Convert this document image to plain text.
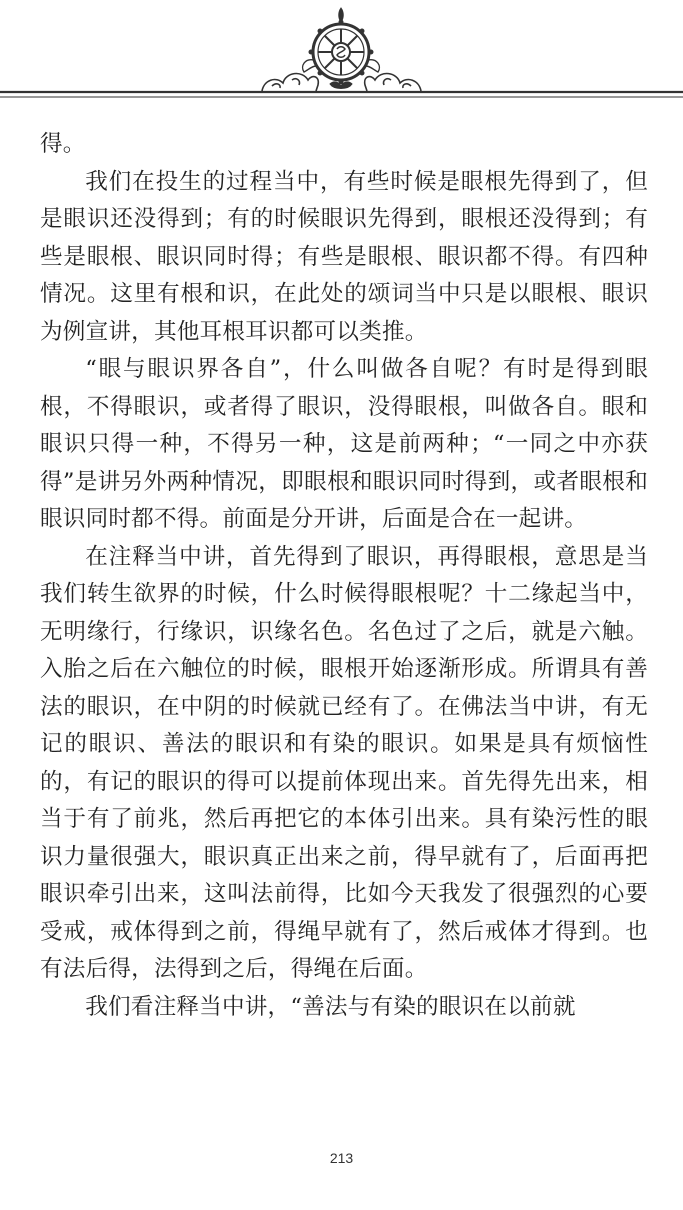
得。

我们在投生的过程当中，有些时候是眼根先得到了，但是眼识还没得到；有的时候眼识先得到，眼根还没得到；有些是眼根、眼识同时得；有些是眼根、眼识都不得。有四种情况。这里有根和识，在此处的颂词当中只是以眼根、眼识为例宣讲，其他耳根耳识都可以类推。

“眼与眼识界各自”，什么叫做各自呢？有时是得到眼根，不得眼识，或者得了眼识，没得眼根，叫做各自。眼和眼识只得一种，不得另一种，这是前两种；“一同之中亦获得”是讲另外两种情况，即眼根和眼识同时得到，或者眼根和眼识同时都不得。前面是分开讲，后面是合在一起讲。

在注释当中讲，首先得到了眼识，再得眼根，意思是当我们转生欲界的时候，什么时候得眼根呢？十二缘起当中，无明缘行，行缘识，识缘名色。名色过了之后，就是六触。入胎之后在六触位的时候，眼根开始逐渐形成。所谓具有善法的眼识，在中阴的时候就已经有了。在佛法当中讲，有无记的眼识、善法的眼识和有染的眼识。如果是具有烦恼性的，有记的眼识的得可以提前体现出来。首先得先出来，相当于有了前兆，然后再把它的本体引出来。具有染污性的眼识力量很强大，眼识真正出来之前，得早就有了，后面再把眼识牵引出来，这叫法前得，比如今天我发了很强烈的心要受戒，戒体得到之前，得绳早就有了，然后戒体才得到。也有法后得，法得到之后，得绳在后面。

我们看注释当中讲，“善法与有染的眼识在以前就

213
